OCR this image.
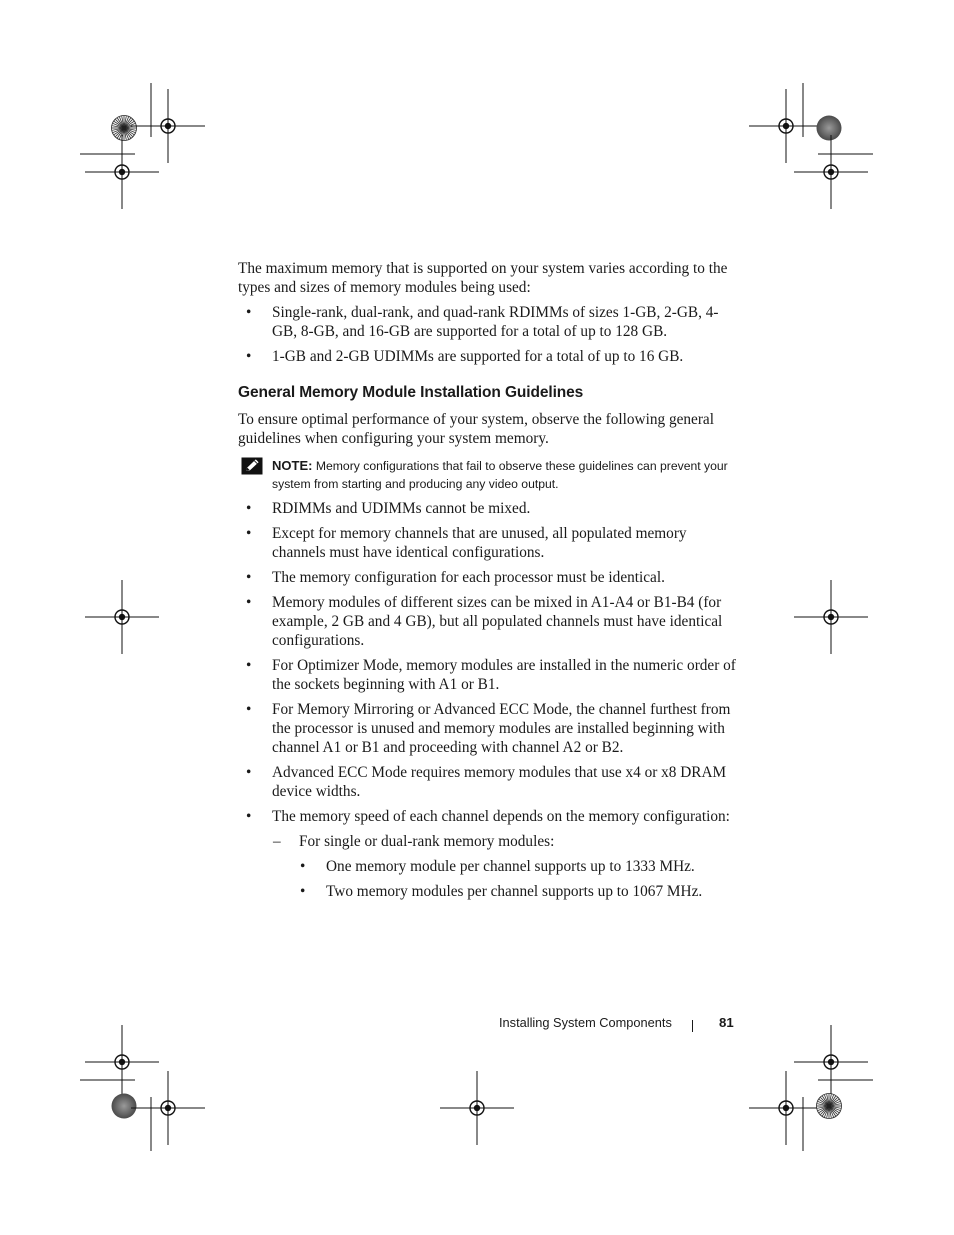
The maximum memory that is supported on your system varies according to the types and sizes of memory modules being used:

• Single-rank, dual-rank, and quad-rank RDIMMs of sizes 1-GB, 2-GB, 4-GB, 8-GB, and 16-GB are supported for a total of up to 128 GB.
• 1-GB and 2-GB UDIMMs are supported for a total of up to 16 GB.
General Memory Module Installation Guidelines

To ensure optimal performance of your system, observe the following general guidelines when configuring your system memory.

NOTE: Memory configurations that fail to observe these guidelines can prevent your system from starting and producing any video output.
• RDIMMs and UDIMMs cannot be mixed.
• Except for memory channels that are unused, all populated memory channels must have identical configurations.
• The memory configuration for each processor must be identical.
• Memory modules of different sizes can be mixed in A1-A4 or B1-B4 (for example, 2 GB and 4 GB), but all populated channels must have identical configurations.
• For Optimizer Mode, memory modules are installed in the numeric order of the sockets beginning with A1 or B1.
• For Memory Mirroring or Advanced ECC Mode, the channel furthest from the processor is unused and memory modules are installed beginning with channel A1 or B1 and proceeding with channel A2 or B2.
• Advanced ECC Mode requires memory modules that use x4 or x8 DRAM device widths.
• The memory speed of each channel depends on the memory configuration:
– For single or dual-rank memory modules:
• One memory module per channel supports up to 1333 MHz.
• Two memory modules per channel supports up to 1067 MHz.
Installing System Components	81
